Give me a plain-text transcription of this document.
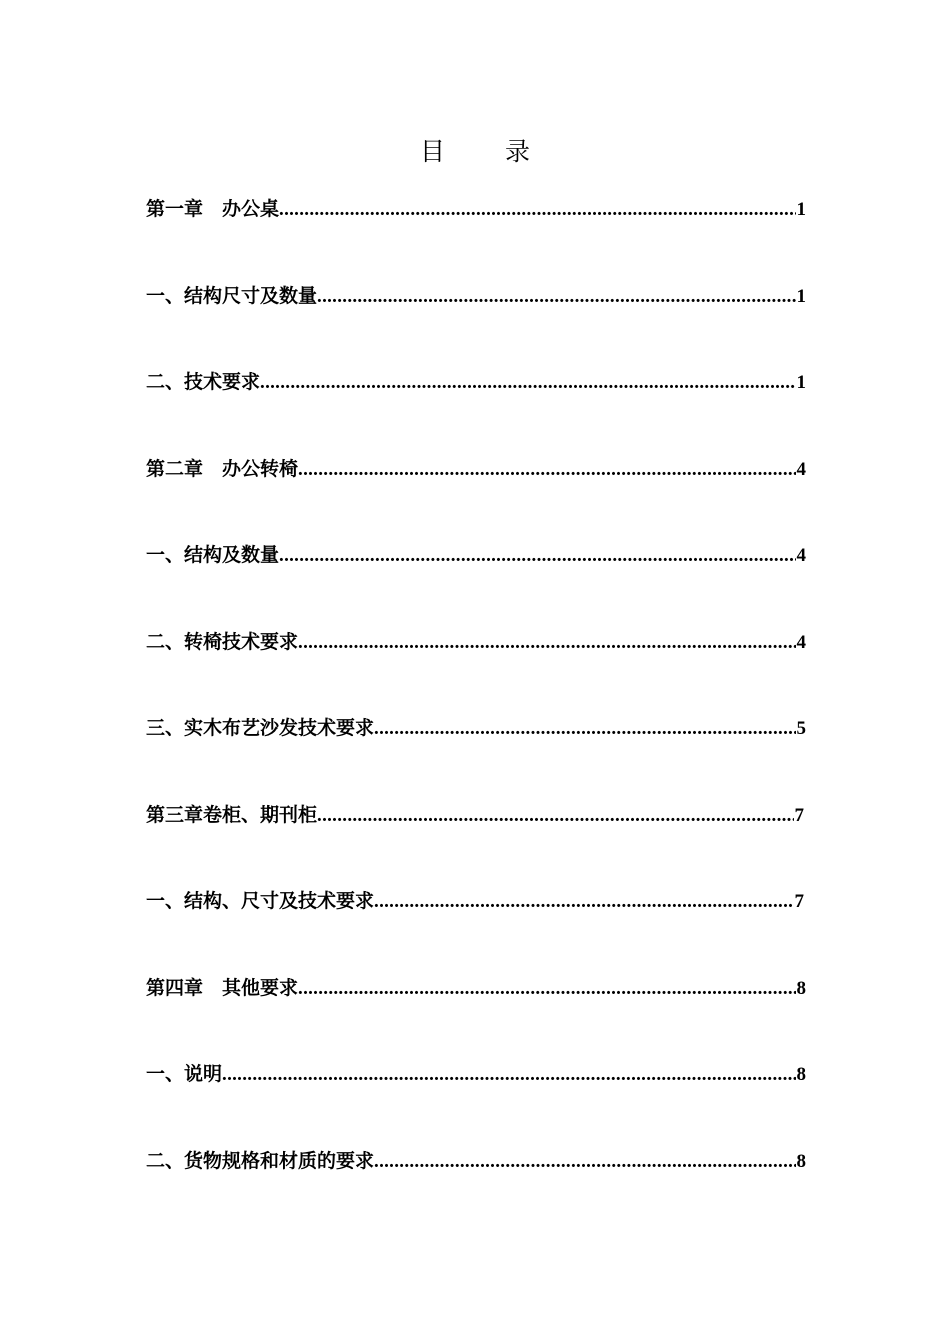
目 录
第一章　办公桌 .....	1
一、结构尺寸及数量 .....	1
二、技术要求 .....	1
第二章　办公转椅 .....	4
一、结构及数量 .....	4
二、转椅技术要求 .....	4
三、实木布艺沙发技术要求 .....	5
第三章卷柜、期刊柜 .....	7
一、结构、尺寸及技术要求 .....	7
第四章　其他要求 .....	8
一、说明 .....	8
二、货物规格和材质的要求 .....	8
